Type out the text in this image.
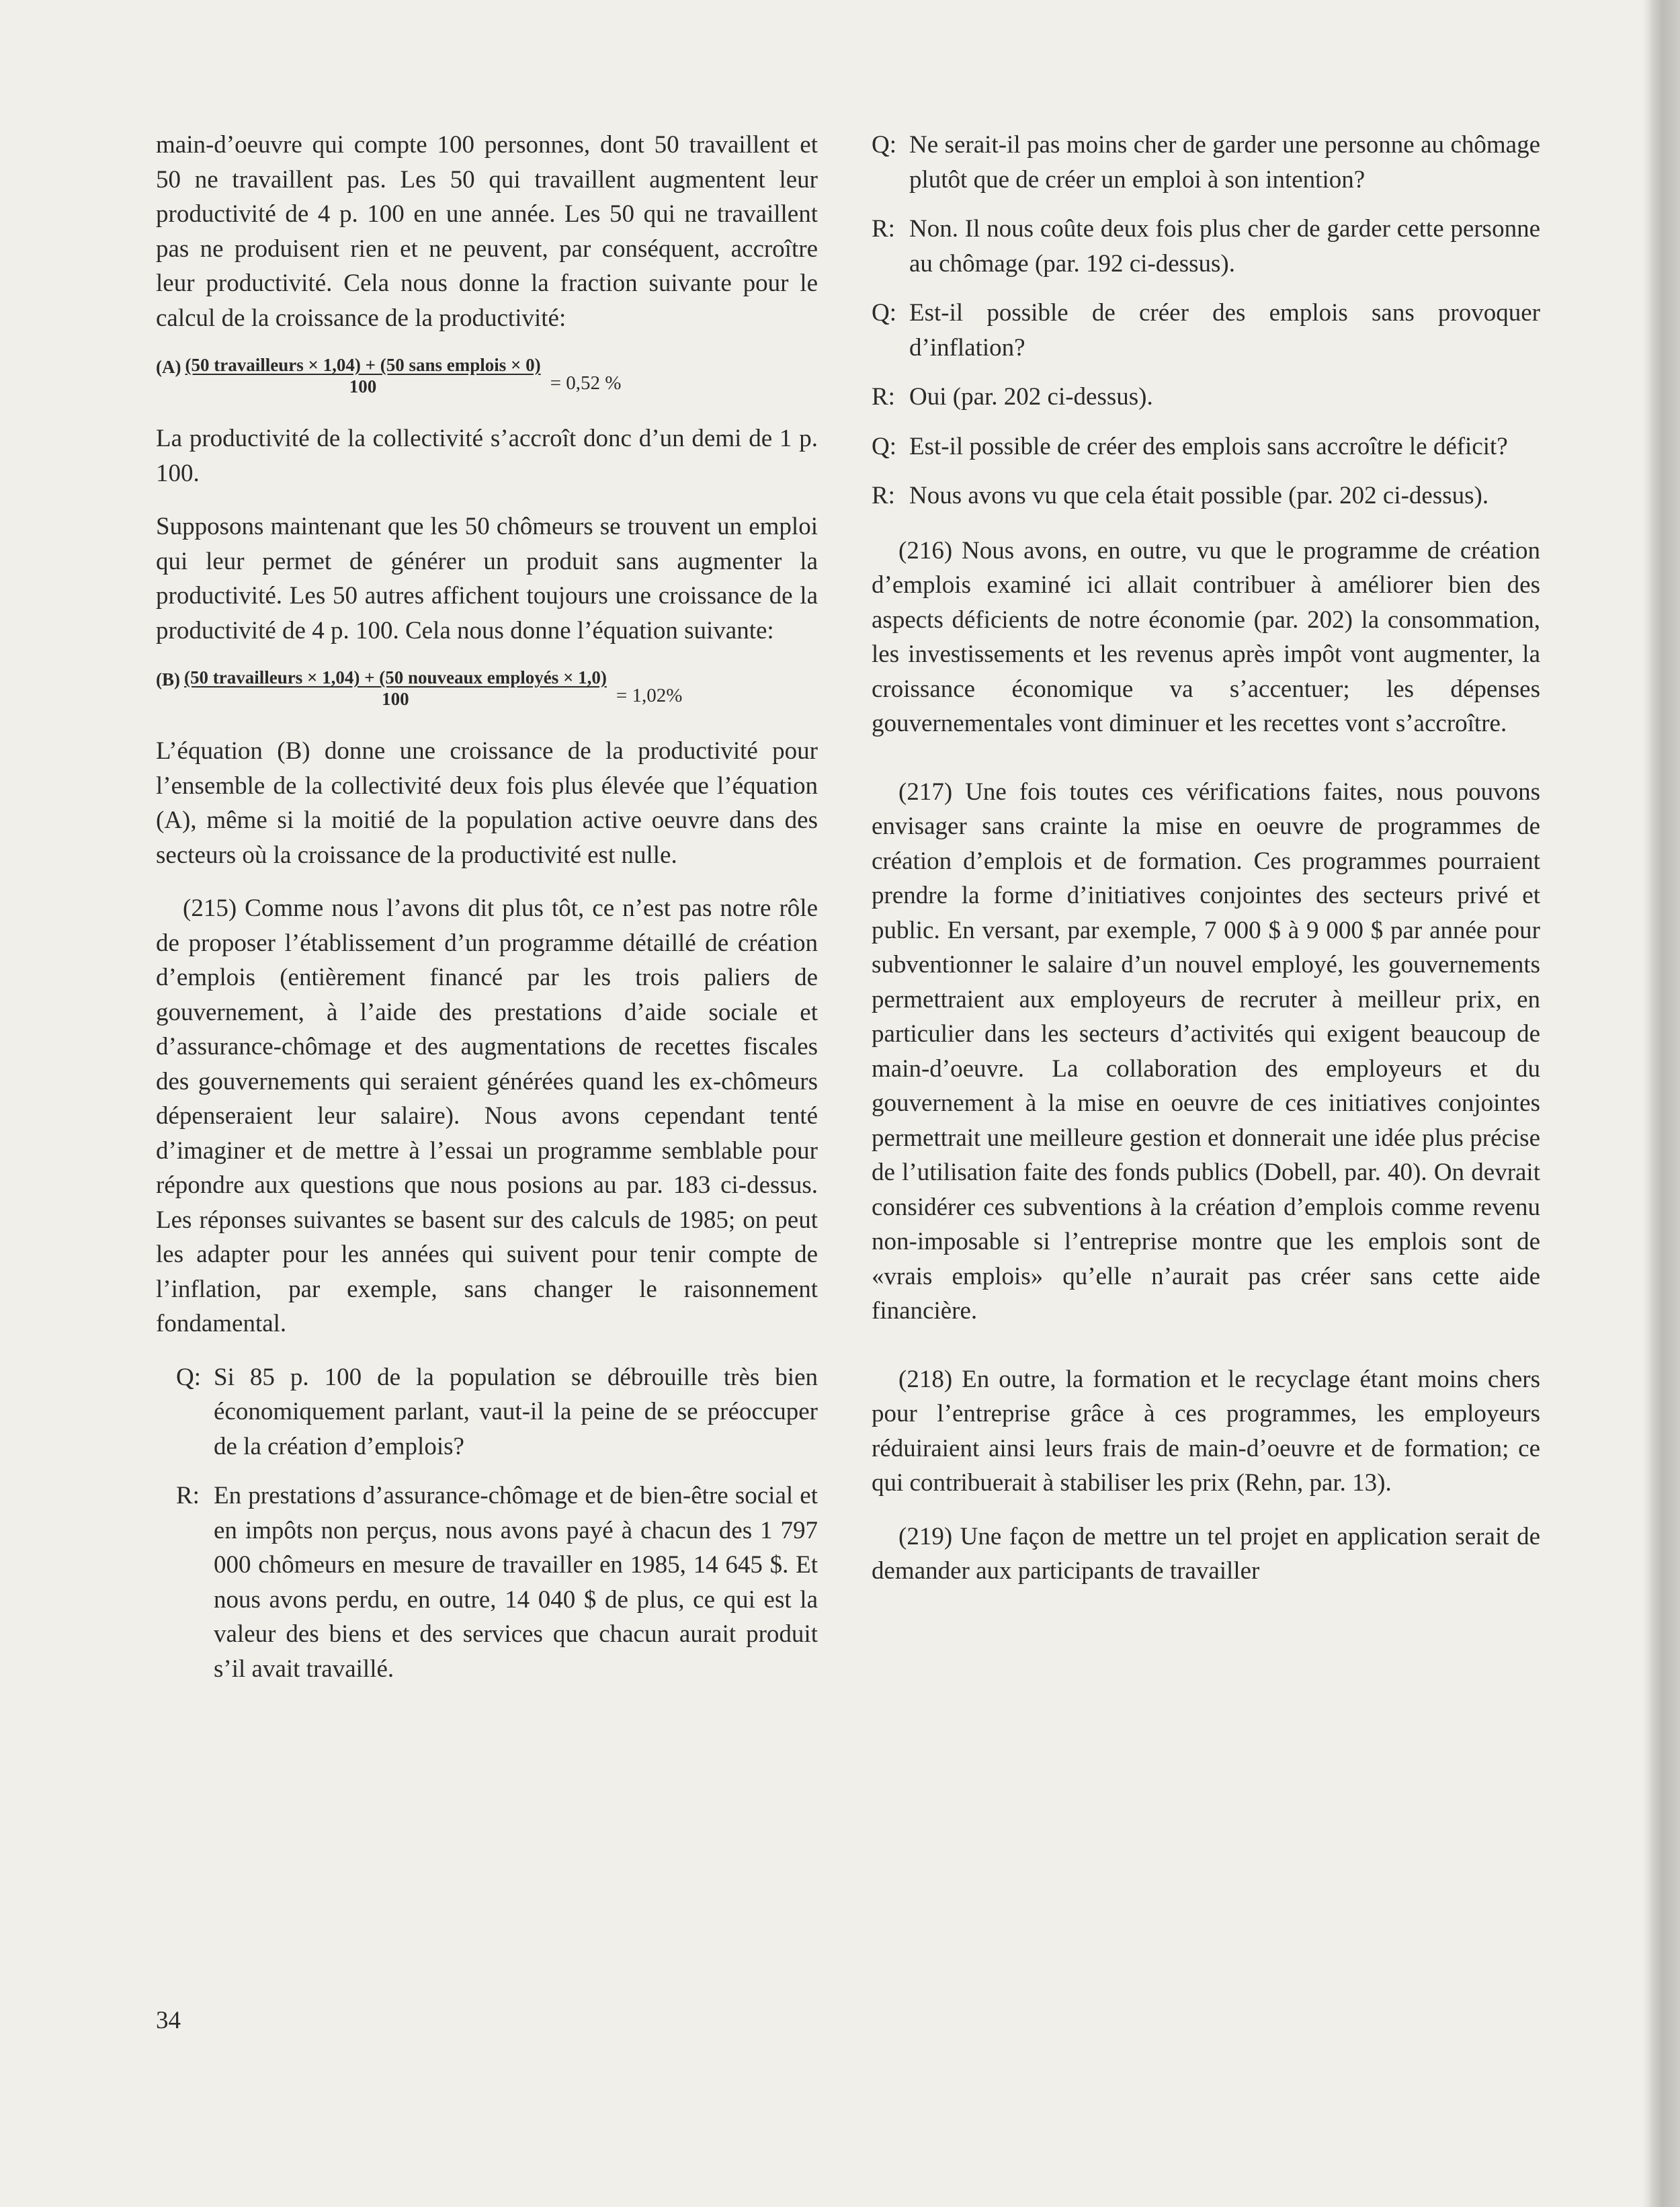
main-d’oeuvre qui compte 100 personnes, dont 50 travaillent et 50 ne travaillent pas. Les 50 qui travaillent augmentent leur productivité de 4 p. 100 en une année. Les 50 qui ne travaillent pas ne produisent rien et ne peuvent, par conséquent, accroître leur productivité. Cela nous donne la fraction suivante pour le calcul de la croissance de la productivité:

$(A) \frac{\text{(50 travailleurs × 1,04) + (50 sans emplois × 0)}}{100} = 0,52$ %

La productivité de la collectivité s’accroît donc d’un demi de 1 p. 100.

Supposons maintenant que les 50 chômeurs se trouvent un emploi qui leur permet de générer un produit sans augmenter la productivité. Les 50 autres affichent toujours une croissance de la productivité de 4 p. 100. Cela nous donne l’équation suivante:

$(B) \frac{\text{(50 travailleurs × 1,04) + (50 nouveaux employés × 1,0)}}{100} = 1,02\%$

L’équation (B) donne une croissance de la productivité pour l’ensemble de la collectivité deux fois plus élevée que l’équation (A), même si la moitié de la population active oeuvre dans des secteurs où la croissance de la productivité est nulle.

(215) Comme nous l’avons dit plus tôt, ce n’est pas notre rôle de proposer l’établissement d’un programme détaillé de création d’emplois (entièrement financé par les trois paliers de gouvernement, à l’aide des prestations d’aide sociale et d’assurance-chômage et des augmentations de recettes fiscales des gouvernements qui seraient générées quand les ex-chômeurs dépenseraient leur salaire). Nous avons cependant tenté d’imaginer et de mettre à l’essai un programme semblable pour répondre aux questions que nous posions au par. 183 ci-dessus. Les réponses suivantes se basent sur des calculs de 1985; on peut les adapter pour les années qui suivent pour tenir compte de l’inflation, par exemple, sans changer le raisonnement fondamental.

Q: Si 85 p. 100 de la population se débrouille très bien économiquement parlant, vaut-il la peine de se préoccuper de la création d’emplois?
R: En prestations d’assurance-chômage et de bien-être social et en impôts non perçus, nous avons payé à chacun des 1 797 000 chômeurs en mesure de travailler en 1985, 14 645 $. Et nous avons perdu, en outre, 14 040 $ de plus, ce qui est la valeur des biens et des services que chacun aurait produit s’il avait travaillé.
Q: Ne serait-il pas moins cher de garder une personne au chômage plutôt que de créer un emploi à son intention?
R: Non. Il nous coûte deux fois plus cher de garder cette personne au chômage (par. 192 ci-dessus).
Q: Est-il possible de créer des emplois sans provoquer d’inflation?
R: Oui (par. 202 ci-dessus).
Q: Est-il possible de créer des emplois sans accroître le déficit?
R: Nous avons vu que cela était possible (par. 202 ci-dessus).

(216) Nous avons, en outre, vu que le programme de création d’emplois examiné ici allait contribuer à améliorer bien des aspects déficients de notre économie (par. 202) la consommation, les investissements et les revenus après impôt vont augmenter, la croissance économique va s’accentuer; les dépenses gouvernementales vont diminuer et les recettes vont s’accroître.

(217) Une fois toutes ces vérifications faites, nous pouvons envisager sans crainte la mise en oeuvre de programmes de création d’emplois et de formation. Ces programmes pourraient prendre la forme d’initiatives conjointes des secteurs privé et public. En versant, par exemple, 7 000 $ à 9 000 $ par année pour subventionner le salaire d’un nouvel employé, les gouvernements permettraient aux employeurs de recruter à meilleur prix, en particulier dans les secteurs d’activités qui exigent beaucoup de main-d’oeuvre. La collaboration des employeurs et du gouvernement à la mise en oeuvre de ces initiatives conjointes permettrait une meilleure gestion et donnerait une idée plus précise de l’utilisation faite des fonds publics (Dobell, par. 40). On devrait considérer ces subventions à la création d’emplois comme revenu non-imposable si l’entreprise montre que les emplois sont de «vrais emplois» qu’elle n’aurait pas créer sans cette aide financière.

(218) En outre, la formation et le recyclage étant moins chers pour l’entreprise grâce à ces programmes, les employeurs réduiraient ainsi leurs frais de main-d’oeuvre et de formation; ce qui contribuerait à stabiliser les prix (Rehn, par. 13).

(219) Une façon de mettre un tel projet en application serait de demander aux participants de travailler

34
